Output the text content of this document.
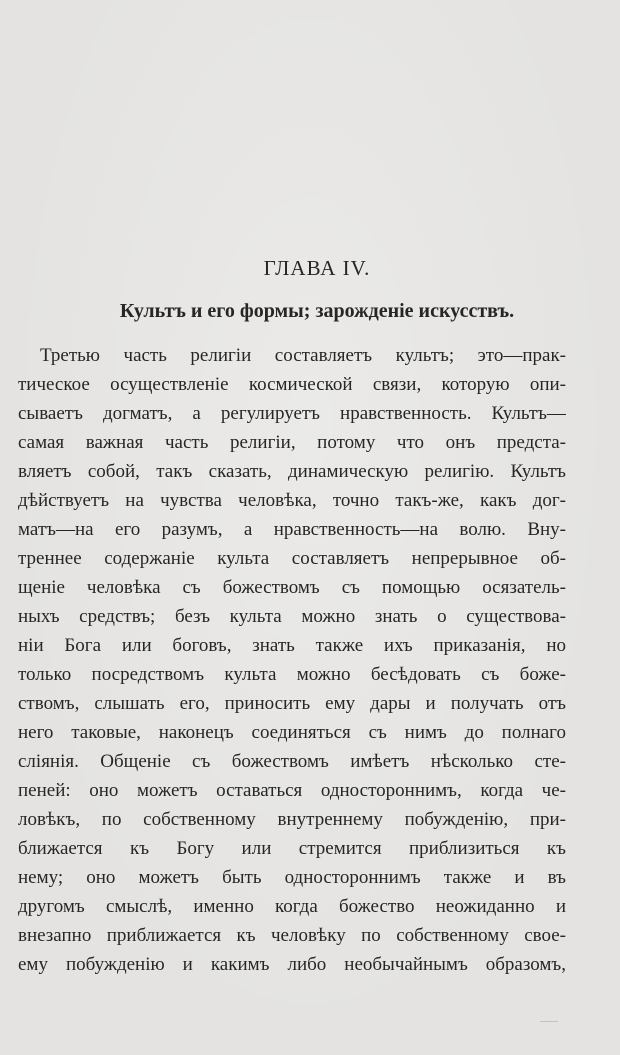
ГЛАВА IV.
Культъ и его формы; зарожденіе искусствъ.
Третью часть религіи составляетъ культъ; это—прак-
тическое осуществленіе космической связи, которую опи-
сываетъ догматъ, а регулируетъ нравственность. Культъ—
самая важная часть религіи, потому что онъ предста-
вляетъ собой, такъ сказать, динамическую религію. Культъ
дѣйствуетъ на чувства человѣка, точно такъ-же, какъ дог-
матъ—на его разумъ, а нравственность—на волю. Вну-
треннее содержаніе культа составляетъ непрерывное об-
щеніе человѣка съ божествомъ съ помощью осязатель-
ныхъ средствъ; безъ культа можно знать о существова-
ніи Бога или боговъ, знать также ихъ приказанія, но
только посредствомъ культа можно бесѣдовать съ боже-
ствомъ, слышать его, приносить ему дары и получать отъ
него таковые, наконецъ соединяться съ нимъ до полнаго
сліянія. Общеніе съ божествомъ имѣетъ нѣсколько сте-
пеней: оно можетъ оставаться одностороннимъ, когда че-
ловѣкъ, по собственному внутреннему побужденію, при-
ближается къ Богу или стремится приблизиться къ
нему; оно можетъ быть одностороннимъ также и въ
другомъ смыслѣ, именно когда божество неожиданно и
внезапно приближается къ человѣку по собственному свое-
ему побужденію и какимъ либо необычайнымъ образомъ,
